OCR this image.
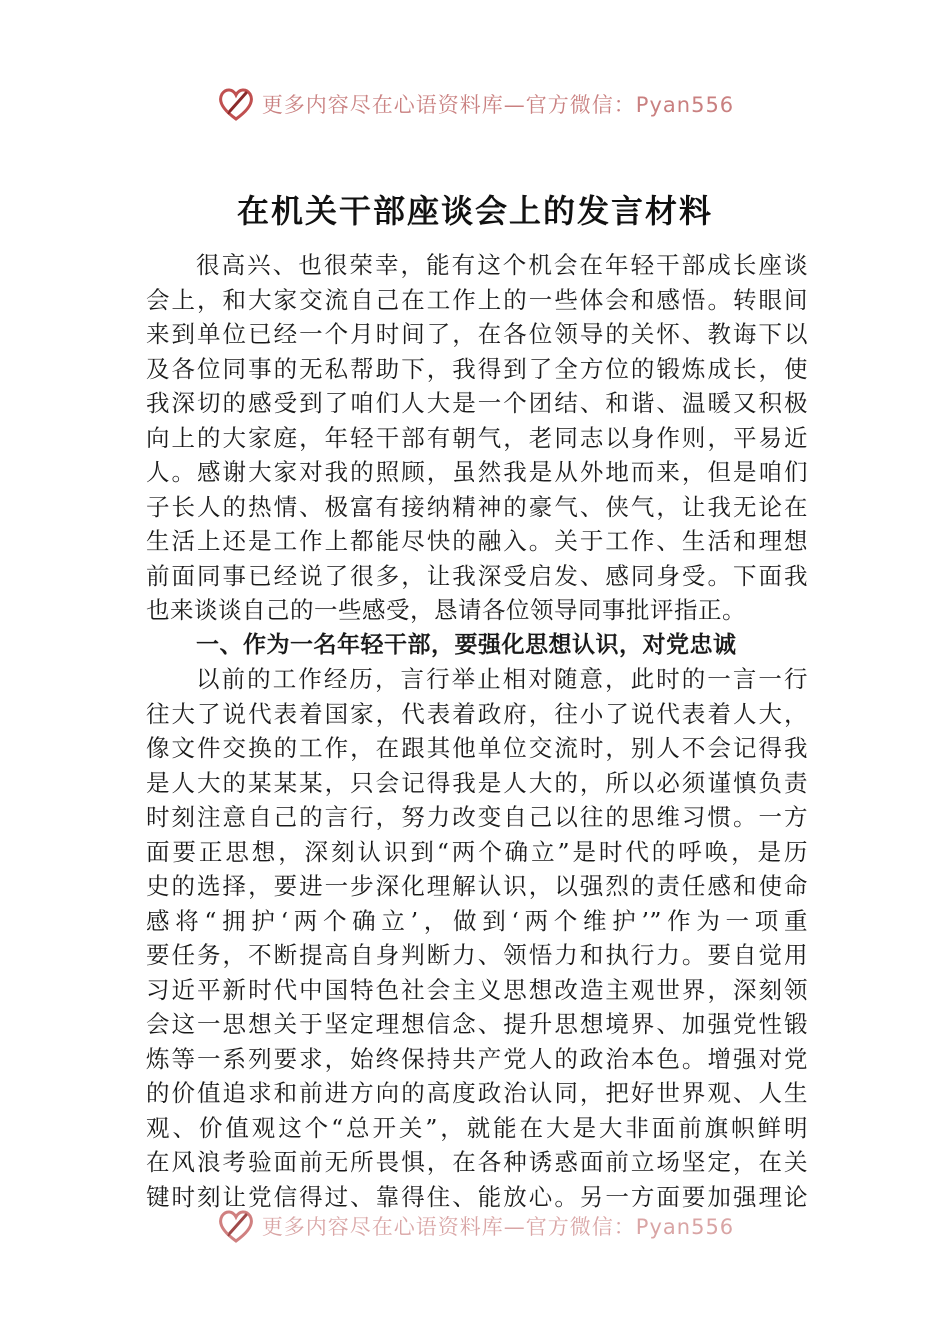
更多内容尽在心语资料库—官方微信：Pyan556
在机关干部座谈会上的发言材料
很高兴、也很荣幸，能有这个机会在年轻干部成长座谈
会上，和大家交流自己在工作上的一些体会和感悟。转眼间
来到单位已经一个月时间了，在各位领导的关怀、教诲下以
及各位同事的无私帮助下，我得到了全方位的锻炼成长，使
我深切的感受到了咱们人大是一个团结、和谐、温暖又积极
向上的大家庭，年轻干部有朝气，老同志以身作则，平易近
人。感谢大家对我的照顾，虽然我是从外地而来，但是咱们
子长人的热情、极富有接纳精神的豪气、侠气，让我无论在
生活上还是工作上都能尽快的融入。关于工作、生活和理想
前面同事已经说了很多，让我深受启发、感同身受。下面我
也来谈谈自己的一些感受，恳请各位领导同事批评指正。
一、作为一名年轻干部，要强化思想认识，对党忠诚
以前的工作经历，言行举止相对随意，此时的一言一行
往大了说代表着国家，代表着政府，往小了说代表着人大，
像文件交换的工作，在跟其他单位交流时，别人不会记得我
是人大的某某某，只会记得我是人大的，所以必须谨慎负责
时刻注意自己的言行，努力改变自己以往的思维习惯。一方
面要正思想，深刻认识到“两个确立”是时代的呼唤，是历
史的选择，要进一步深化理解认识，以强烈的责任感和使命
感将“拥护‘两个确立’，做到‘两个维护’”作为一项重
要任务，不断提高自身判断力、领悟力和执行力。要自觉用
习近平新时代中国特色社会主义思想改造主观世界，深刻领
会这一思想关于坚定理想信念、提升思想境界、加强党性锻
炼等一系列要求，始终保持共产党人的政治本色。增强对党
的价值追求和前进方向的高度政治认同，把好世界观、人生
观、价值观这个“总开关”，就能在大是大非面前旗帜鲜明
在风浪考验面前无所畏惧，在各种诱惑面前立场坚定，在关
键时刻让党信得过、靠得住、能放心。另一方面要加强理论
更多内容尽在心语资料库—官方微信：Pyan556
